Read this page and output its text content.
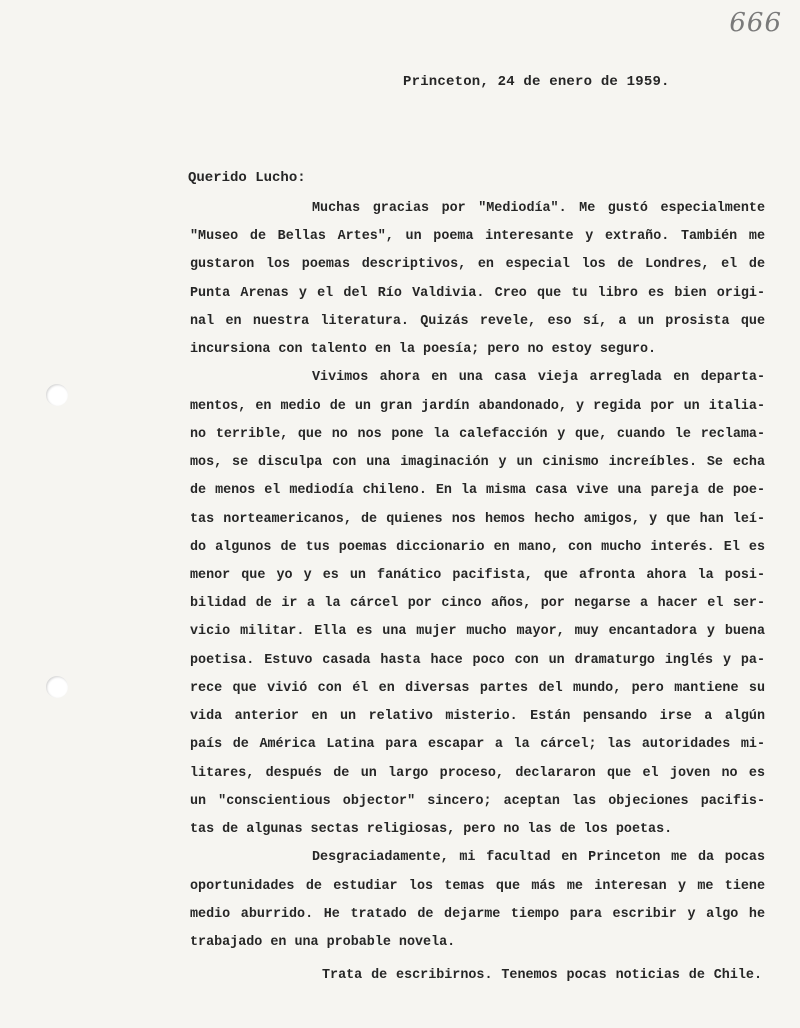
666
Princeton, 24 de enero de 1959.
Querido Lucho:
Muchas gracias por "Mediodía". Me gustó especialmente
"Museo de Bellas Artes", un poema interesante y extraño. También me
gustaron los poemas descriptivos, en especial los de Londres, el de
Punta Arenas y el del Río Valdivia. Creo que tu libro es bien origi-
nal en nuestra literatura. Quizás revele, eso sí, a un prosista que
incursiona con talento en la poesía; pero no estoy seguro.
Vivimos ahora en una casa vieja arreglada en departa-
mentos, en medio de un gran jardín abandonado, y regida por un italia-
no terrible, que no nos pone la calefacción y que, cuando le reclama-
mos, se disculpa con una imaginación y un cinismo increíbles. Se echa
de menos el mediodía chileno. En la misma casa vive una pareja de poe-
tas norteamericanos, de quienes nos hemos hecho amigos, y que han leí-
do algunos de tus poemas diccionario en mano, con mucho interés. El es
menor que yo y es un fanático pacifista, que afronta ahora la posi-
bilidad de ir a la cárcel por cinco años, por negarse a hacer el ser-
vicio militar. Ella es una mujer mucho mayor, muy encantadora y buena
poetisa. Estuvo casada hasta hace poco con un dramaturgo inglés y pa-
rece que vivió con él en diversas partes del mundo, pero mantiene su
vida anterior en un relativo misterio. Están pensando irse a algún
país de América Latina para escapar a la cárcel; las autoridades mi-
litares, después de un largo proceso, declararon que el joven no es
un "conscientious objector" sincero; aceptan las objeciones pacifis-
tas de algunas sectas religiosas, pero no las de los poetas.
Desgraciadamente, mi facultad en Princeton me da pocas
oportunidades de estudiar los temas que más me interesan y me tiene
medio aburrido. He tratado de dejarme tiempo para escribir y algo he
trabajado en una probable novela.
Trata de escribirnos. Tenemos pocas noticias de Chile.
